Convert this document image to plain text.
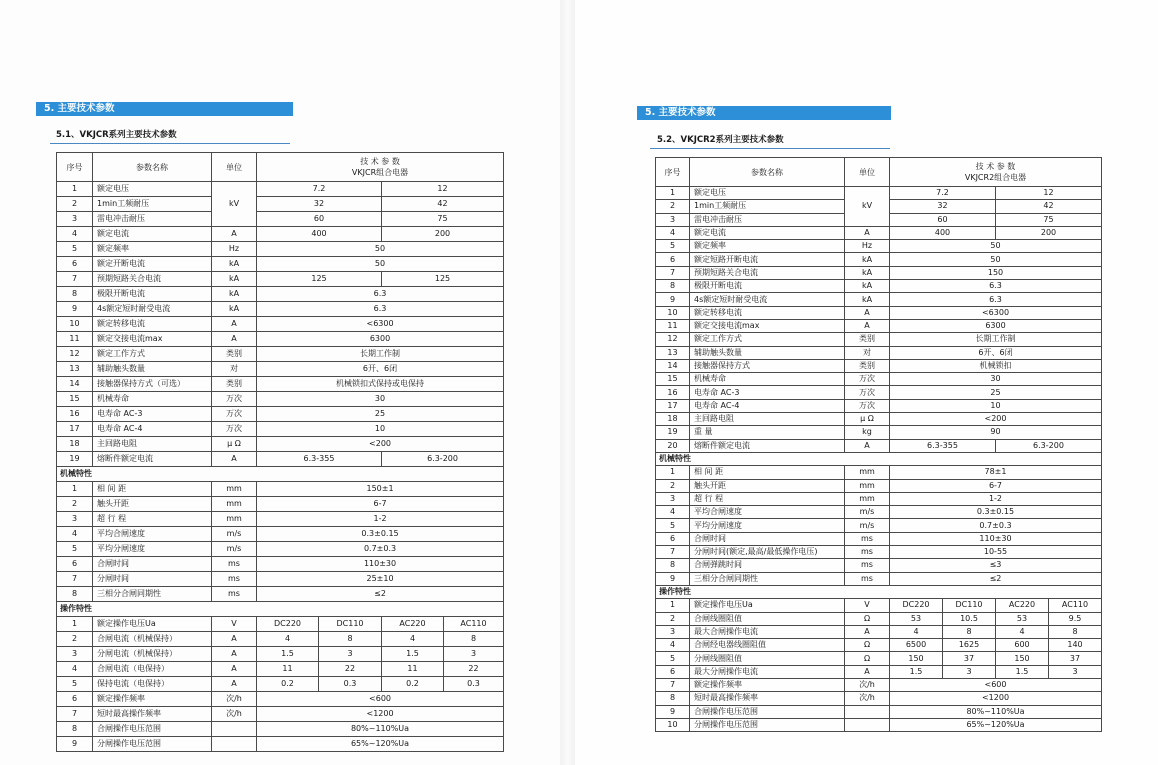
5. 主要技术参数
5.1、VKJCR系列主要技术参数
序号	参数名称	单位	技 术 参 数
VKJCR组合电器			

1	额定电压	kV	7.2		12	
2	1min工频耐压		32		42	
3	雷电冲击耐压		60		75	
4	额定电流	A	400		200	
5	额定频率	Hz	50			
6	额定开断电流	kA	50			
7	预期短路关合电流	kA	125		125	
8	极限开断电流	kA	6.3			
9	4s额定短时耐受电流	kA	6.3			
10	额定转移电流	A	<6300			
11	额定交接电流max	A	6300			
12	额定工作方式	类别	长期工作制			
13	辅助触头数量	对	6开、6闭			
14	接触器保持方式（可选）	类别	机械锁扣式保持或电保持			
15	机械寿命	万次	30			
16	电寿命 AC-3	万次	25			
17	电寿命 AC-4	万次	10			
18	主回路电阻	μ Ω	<200			
19	熔断件额定电流	A	6.3-355		6.3-200	
机械特性						
1	相 间 距	mm	150±1			
2	触头开距	mm	6-7			
3	超 行 程	mm	1-2			
4	平均合闸速度	m/s	0.3±0.15			
5	平均分闸速度	m/s	0.7±0.3			
6	合闸时间	ms	110±30			
7	分闸时间	ms	25±10			
8	三相分合闸同期性	ms	≤2			
操作特性						
1	额定操作电压Ua	V	DC220	DC110	AC220	AC110
2	合闸电流（机械保持）	A	4	8	4	8
3	分闸电流（机械保持）	A	1.5	3	1.5	3
4	合闸电流（电保持）	A	11	22	11	22
5	保持电流（电保持）	A	0.2	0.3	0.2	0.3
6	额定操作频率	次/h	<600			
7	短时最高操作频率	次/h	<1200			
8	合闸操作电压范围		80%~110%Ua			
9	分闸操作电压范围		65%~120%Ua			
5. 主要技术参数
5.2、VKJCR2系列主要技术参数
序号	参数名称	单位	技 术 参 数
VKJCR2组合电器			

1	额定电压	kV	7.2		12	
2	1min工频耐压		32		42	
3	雷电冲击耐压		60		75	
4	额定电流	A	400		200	
5	额定频率	Hz	50			
6	额定短路开断电流	kA	50			
7	预期短路关合电流	kA	150			
8	极限开断电流	kA	6.3			
9	4s额定短时耐受电流	kA	6.3			
10	额定转移电流	A	<6300			
11	额定交接电流max	A	6300			
12	额定工作方式	类别	长期工作制			
13	辅助触头数量	对	6开、6闭			
14	接触器保持方式	类别	机械锁扣			
15	机械寿命	万次	30			
16	电寿命 AC-3	万次	25			
17	电寿命 AC-4	万次	10			
18	主回路电阻	μ Ω	<200			
19	重 量	kg	90			
20	熔断件额定电流	A	6.3-355		6.3-200	
机械特性						
1	相 间 距	mm	78±1			
2	触头开距	mm	6-7			
3	超 行 程	mm	1-2			
4	平均合闸速度	m/s	0.3±0.15			
5	平均分闸速度	m/s	0.7±0.3			
6	合闸时间	ms	110±30			
7	分闸时间(额定,最高/最低操作电压)	ms	10-55			
8	合闸弹跳时间	ms	≤3			
9	三相分合闸同期性	ms	≤2			
操作特性						
1	额定操作电压Ua	V	DC220	DC110	AC220	AC110
2	合闸线圈阻值	Ω	53	10.5	53	9.5
3	最大合闸操作电流	A	4	8	4	8
4	合闸经电器线圈阻值	Ω	6500	1625	600	140
5	分闸线圈阻值	Ω	150	37	150	37
6	最大分闸操作电流	A	1.5	3	1.5	3
7	额定操作频率	次/h	<600			
8	短时最高操作频率	次/h	<1200			
9	合闸操作电压范围		80%~110%Ua			
10	分闸操作电压范围		65%~120%Ua			
